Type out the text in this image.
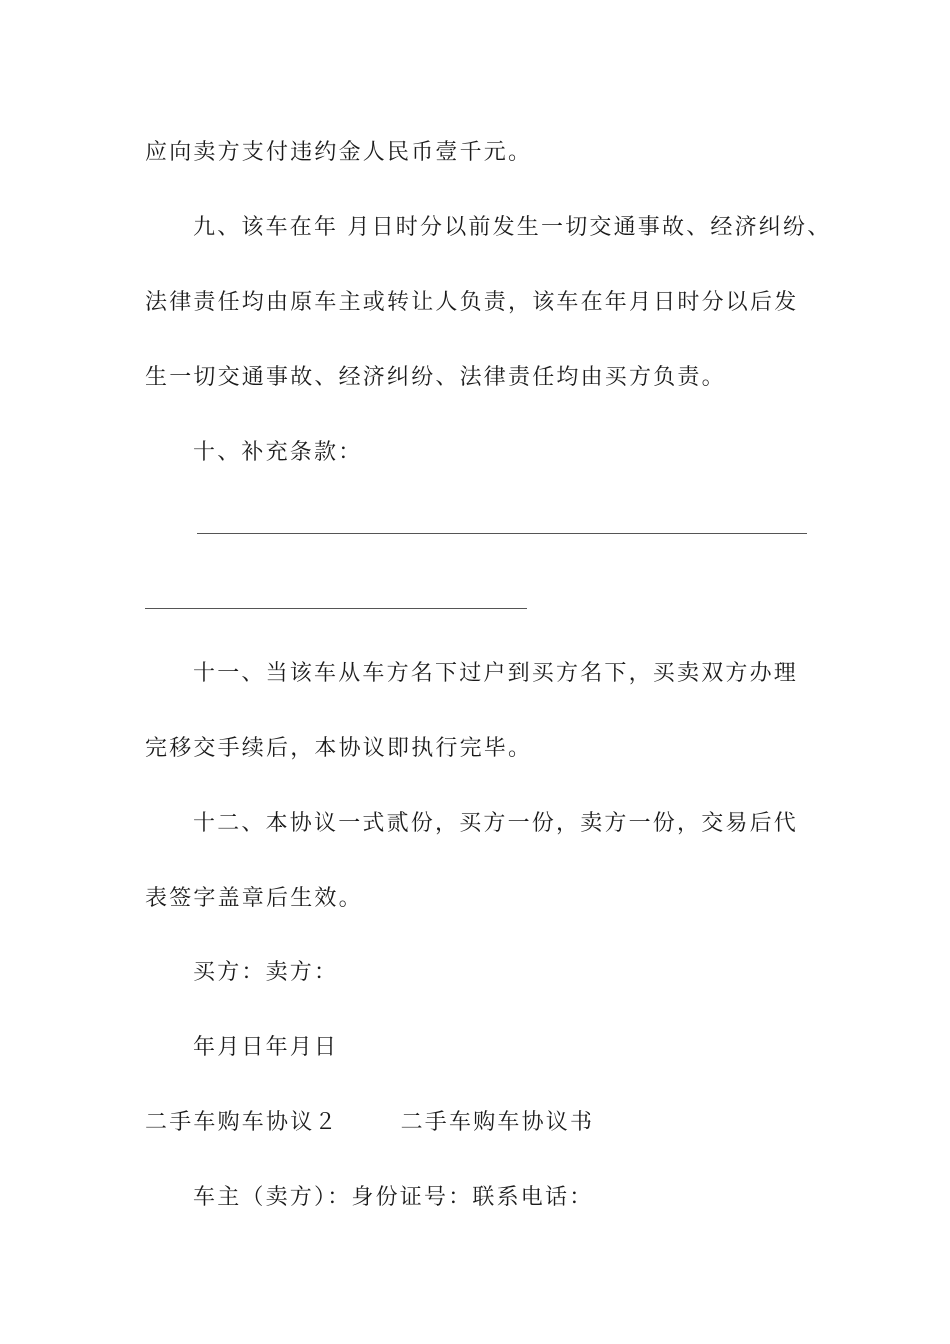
应向卖方支付违约金人民币壹千元。
九、该车在年 月日时分以前发生一切交通事故、经济纠纷、
法律责任均由原车主或转让人负责，该车在年月日时分以后发
生一切交通事故、经济纠纷、法律责任均由买方负责。
十、补充条款：
十一、当该车从车方名下过户到买方名下，买卖双方办理
完移交手续后，本协议即执行完毕。
十二、本协议一式贰份，买方一份，卖方一份，交易后代
表签字盖章后生效。
买方：卖方：
年月日年月日
二手车购车协议２	二手车购车协议书
车主（卖方）：身份证号：联系电话：
